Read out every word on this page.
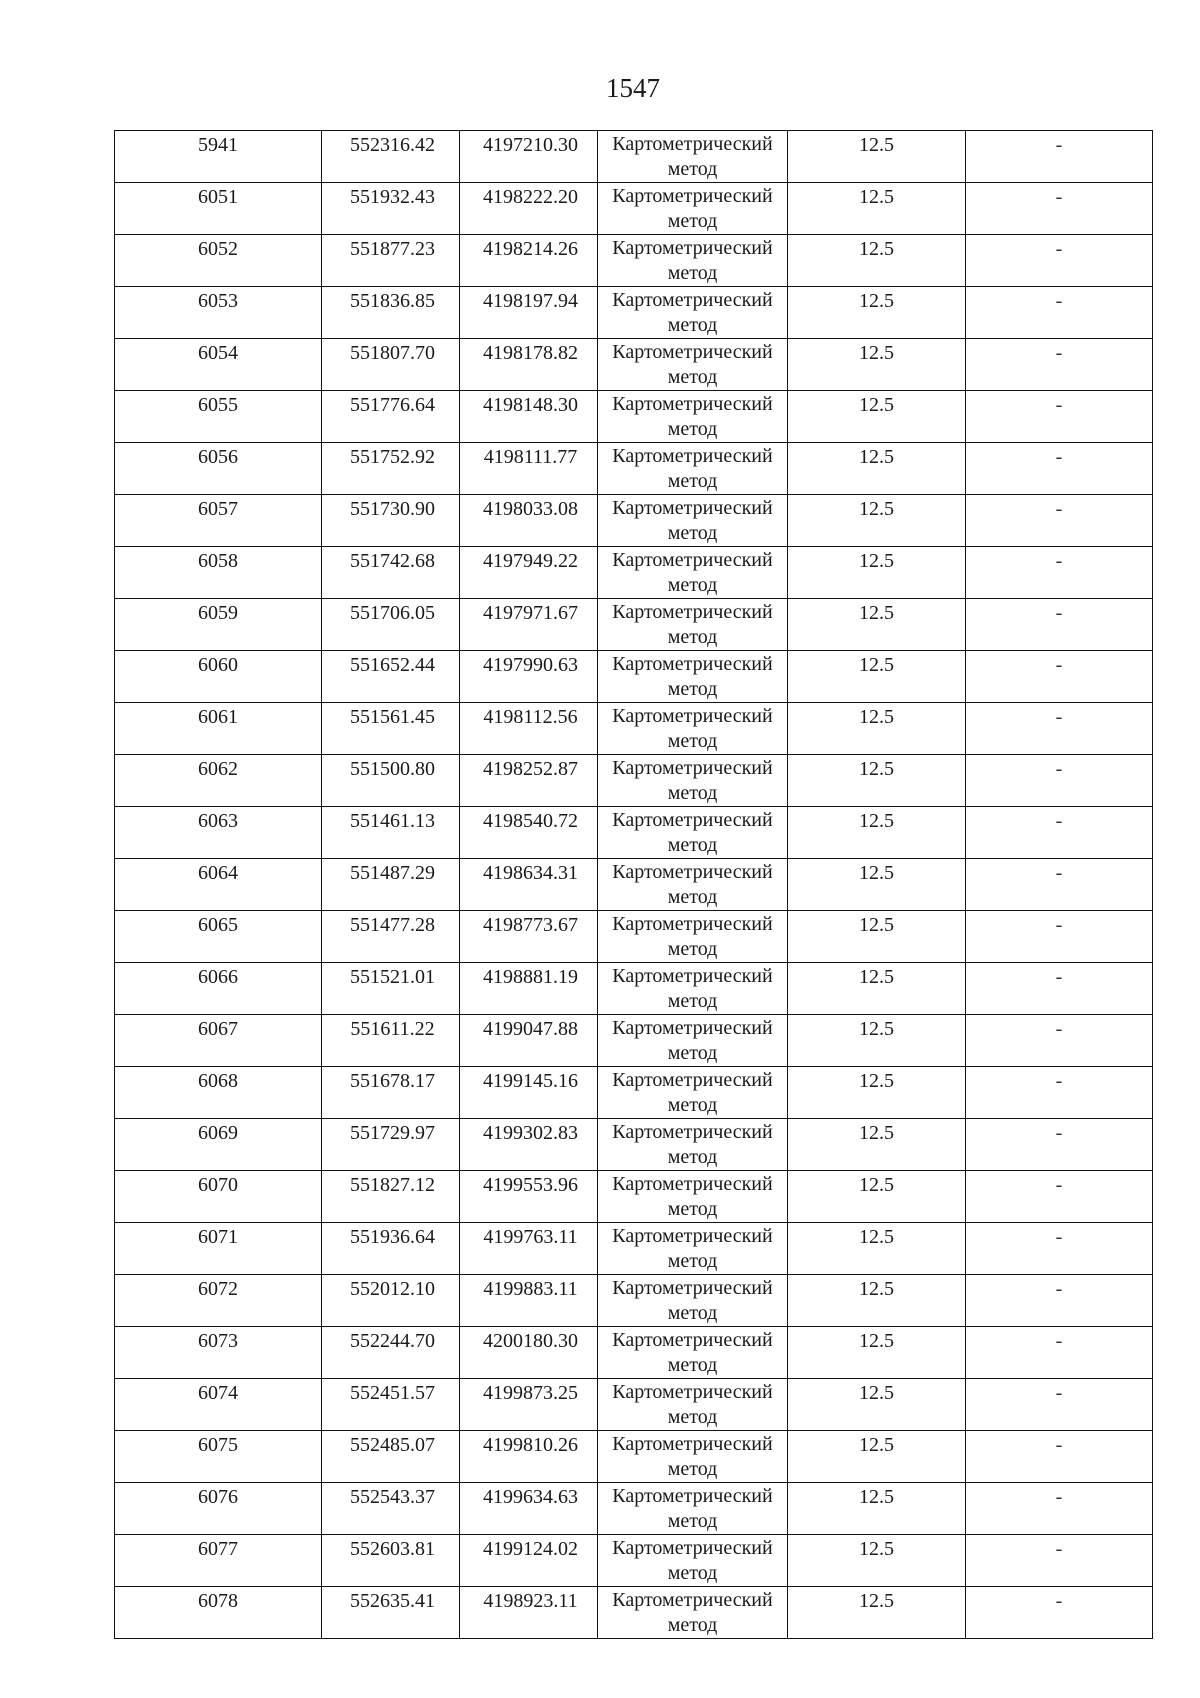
1547
5941	552316.42	4197210.30	Картометрический метод	12.5	-

6051	551932.43	4198222.20	Картометрический метод	12.5	-

6052	551877.23	4198214.26	Картометрический метод	12.5	-

6053	551836.85	4198197.94	Картометрический метод	12.5	-

6054	551807.70	4198178.82	Картометрический метод	12.5	-

6055	551776.64	4198148.30	Картометрический метод	12.5	-

6056	551752.92	4198111.77	Картометрический метод	12.5	-

6057	551730.90	4198033.08	Картометрический метод	12.5	-

6058	551742.68	4197949.22	Картометрический метод	12.5	-

6059	551706.05	4197971.67	Картометрический метод	12.5	-

6060	551652.44	4197990.63	Картометрический метод	12.5	-

6061	551561.45	4198112.56	Картометрический метод	12.5	-

6062	551500.80	4198252.87	Картометрический метод	12.5	-

6063	551461.13	4198540.72	Картометрический метод	12.5	-

6064	551487.29	4198634.31	Картометрический метод	12.5	-

6065	551477.28	4198773.67	Картометрический метод	12.5	-

6066	551521.01	4198881.19	Картометрический метод	12.5	-

6067	551611.22	4199047.88	Картометрический метод	12.5	-

6068	551678.17	4199145.16	Картометрический метод	12.5	-

6069	551729.97	4199302.83	Картометрический метод	12.5	-

6070	551827.12	4199553.96	Картометрический метод	12.5	-

6071	551936.64	4199763.11	Картометрический метод	12.5	-

6072	552012.10	4199883.11	Картометрический метод	12.5	-

6073	552244.70	4200180.30	Картометрический метод	12.5	-

6074	552451.57	4199873.25	Картометрический метод	12.5	-

6075	552485.07	4199810.26	Картометрический метод	12.5	-

6076	552543.37	4199634.63	Картометрический метод	12.5	-

6077	552603.81	4199124.02	Картометрический метод	12.5	-

6078	552635.41	4198923.11	Картометрический метод	12.5	-
